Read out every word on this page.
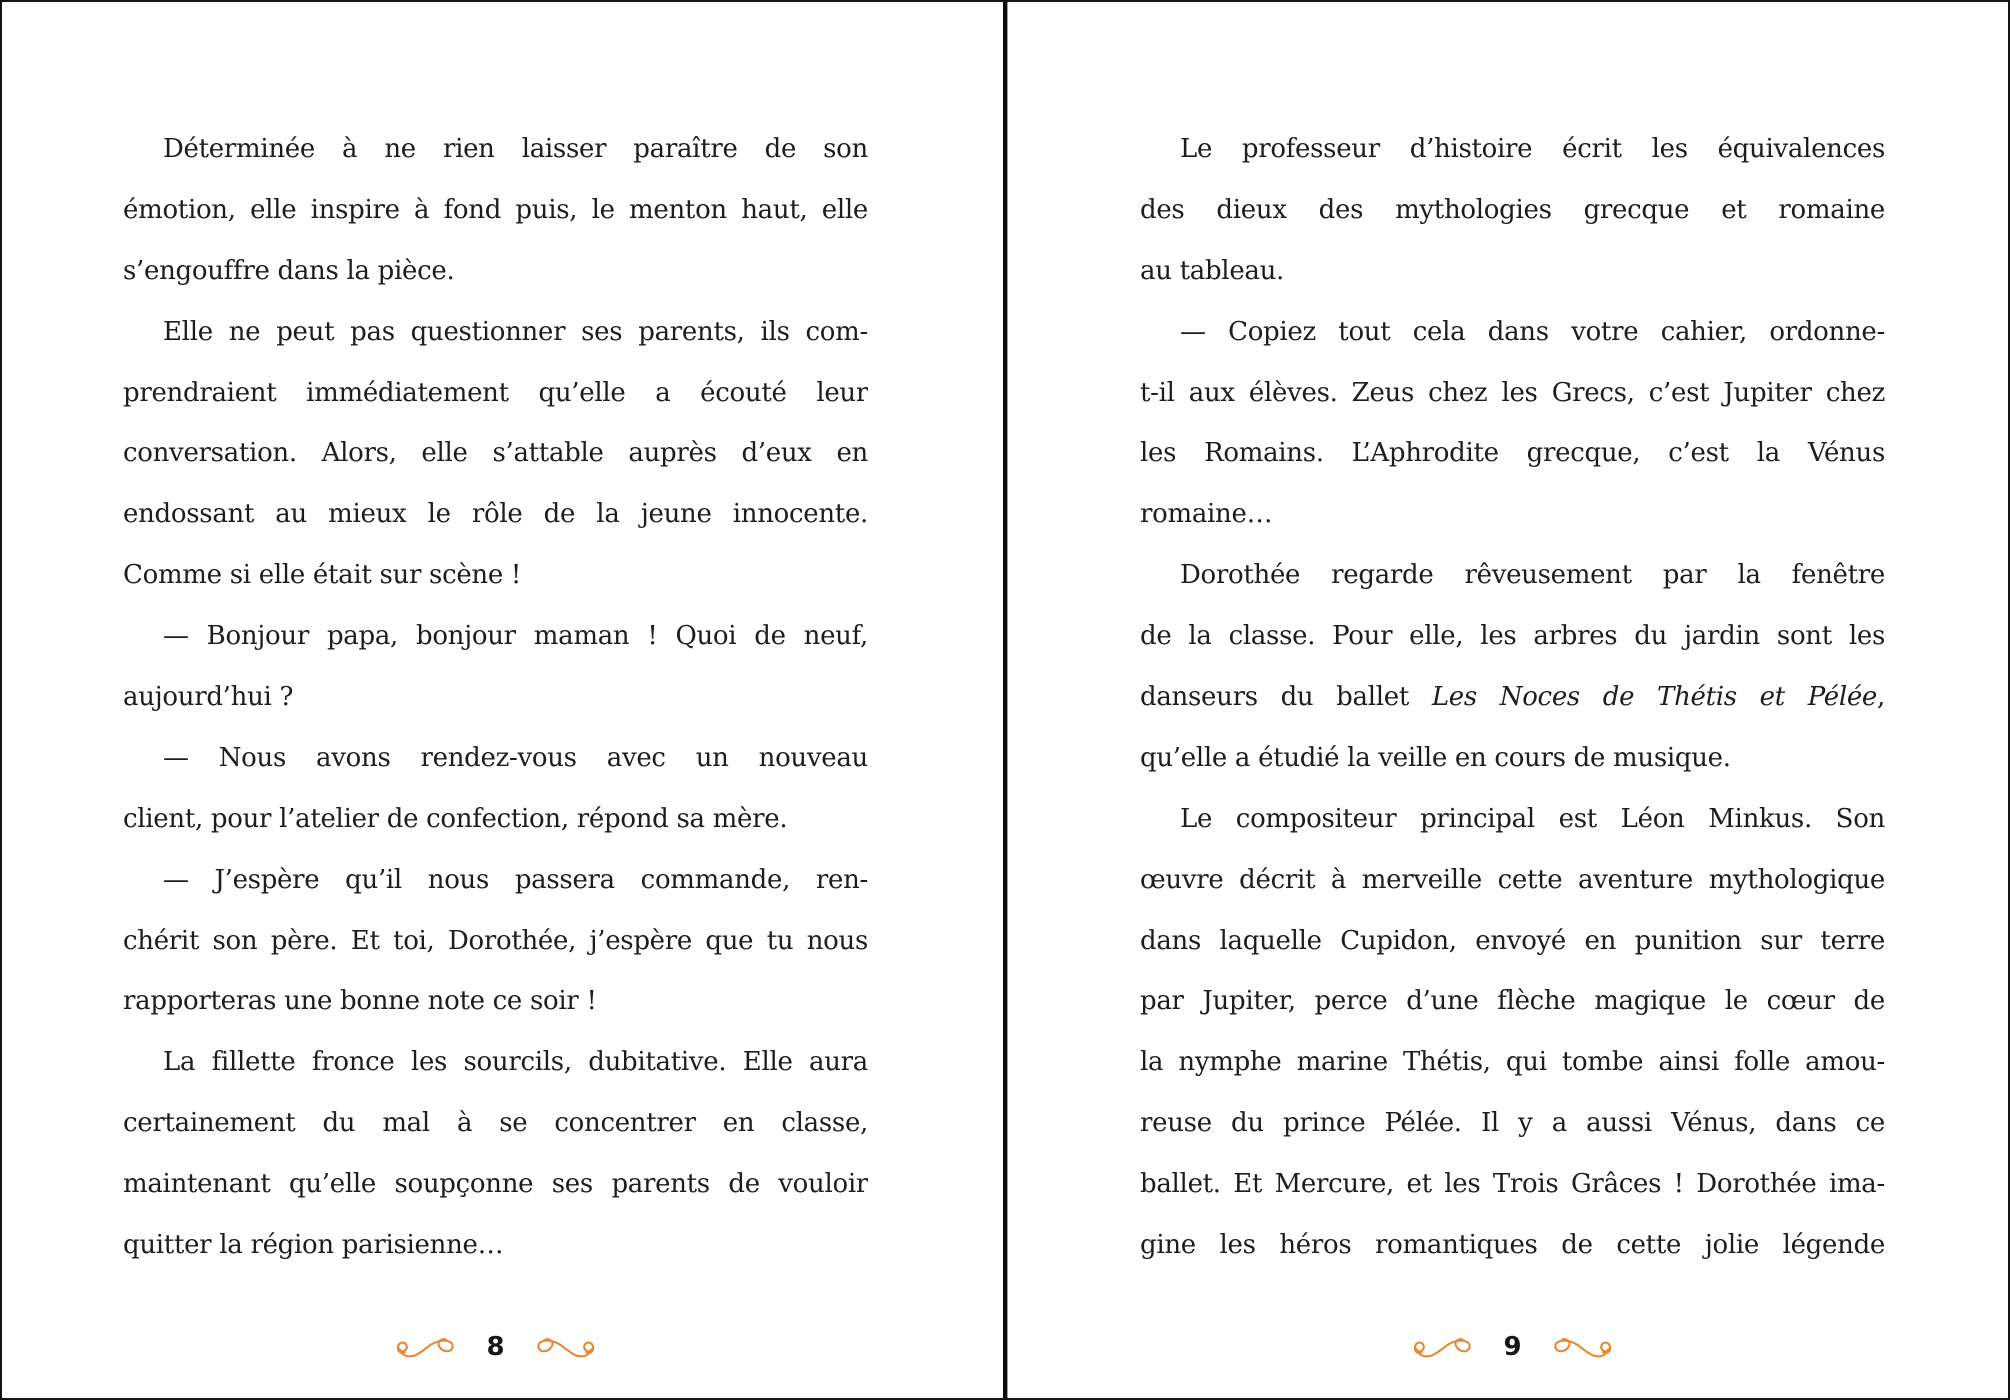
Déterminée à ne rien laisser paraître de son
émotion, elle inspire à fond puis, le menton haut, elle
s’engouffre dans la pièce.
Elle ne peut pas questionner ses parents, ils com-
prendraient immédiatement qu’elle a écouté leur
conversation. Alors, elle s’attable auprès d’eux en
endossant au mieux le rôle de la jeune innocente.
Comme si elle était sur scène !
— Bonjour papa, bonjour maman ! Quoi de neuf,
aujourd’hui ?
— Nous avons rendez-vous avec un nouveau
client, pour l’atelier de confection, répond sa mère.
— J’espère qu’il nous passera commande, ren-
chérit son père. Et toi, Dorothée, j’espère que tu nous
rapporteras une bonne note ce soir !
La fillette fronce les sourcils, dubitative. Elle aura
certainement du mal à se concentrer en classe,
maintenant qu’elle soupçonne ses parents de vouloir
quitter la région parisienne…
Le professeur d’histoire écrit les équivalences
des dieux des mythologies grecque et romaine
au tableau.
— Copiez tout cela dans votre cahier, ordonne-
t-il aux élèves. Zeus chez les Grecs, c’est Jupiter chez
les Romains. L’Aphrodite grecque, c’est la Vénus
romaine…
Dorothée regarde rêveusement par la fenêtre
de la classe. Pour elle, les arbres du jardin sont les
danseurs du ballet Les Noces de Thétis et Pélée,
qu’elle a étudié la veille en cours de musique.
Le compositeur principal est Léon Minkus. Son
œuvre décrit à merveille cette aventure mythologique
dans laquelle Cupidon, envoyé en punition sur terre
par Jupiter, perce d’une flèche magique le cœur de
la nymphe marine Thétis, qui tombe ainsi folle amou-
reuse du prince Pélée. Il y a aussi Vénus, dans ce
ballet. Et Mercure, et les Trois Grâces ! Dorothée ima-
gine les héros romantiques de cette jolie légende
8	9
